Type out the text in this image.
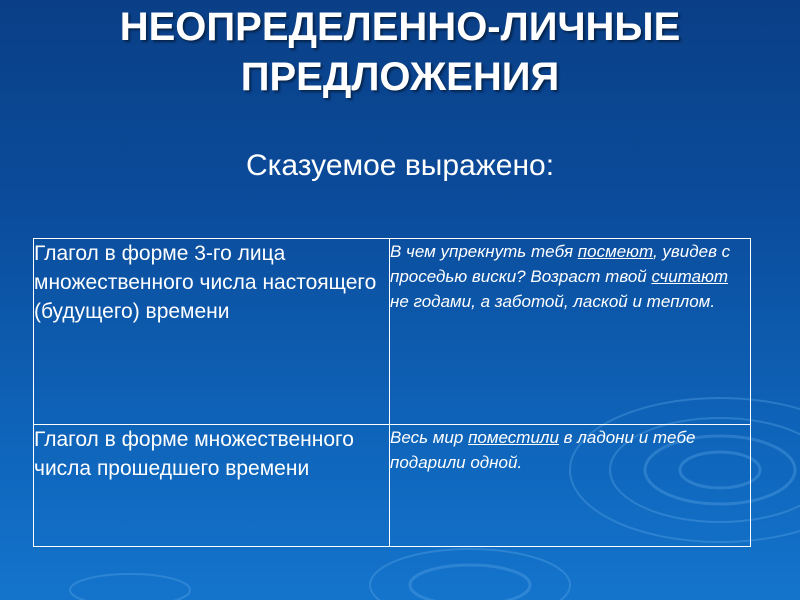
НЕОПРЕДЕЛЕННО-ЛИЧНЫЕ
ПРЕДЛОЖЕНИЯ
Сказуемое выражено:
Глагол в форме 3-го лица множественного числа настоящего (будущего) времени	В чем упрекнуть тебя посмеют, увидев с проседью виски? Возраст твой считают не годами, а заботой, лаской и теплом.
Глагол в форме множественного числа прошедшего времени	Весь мир поместили в ладони и тебе подарили одной.
